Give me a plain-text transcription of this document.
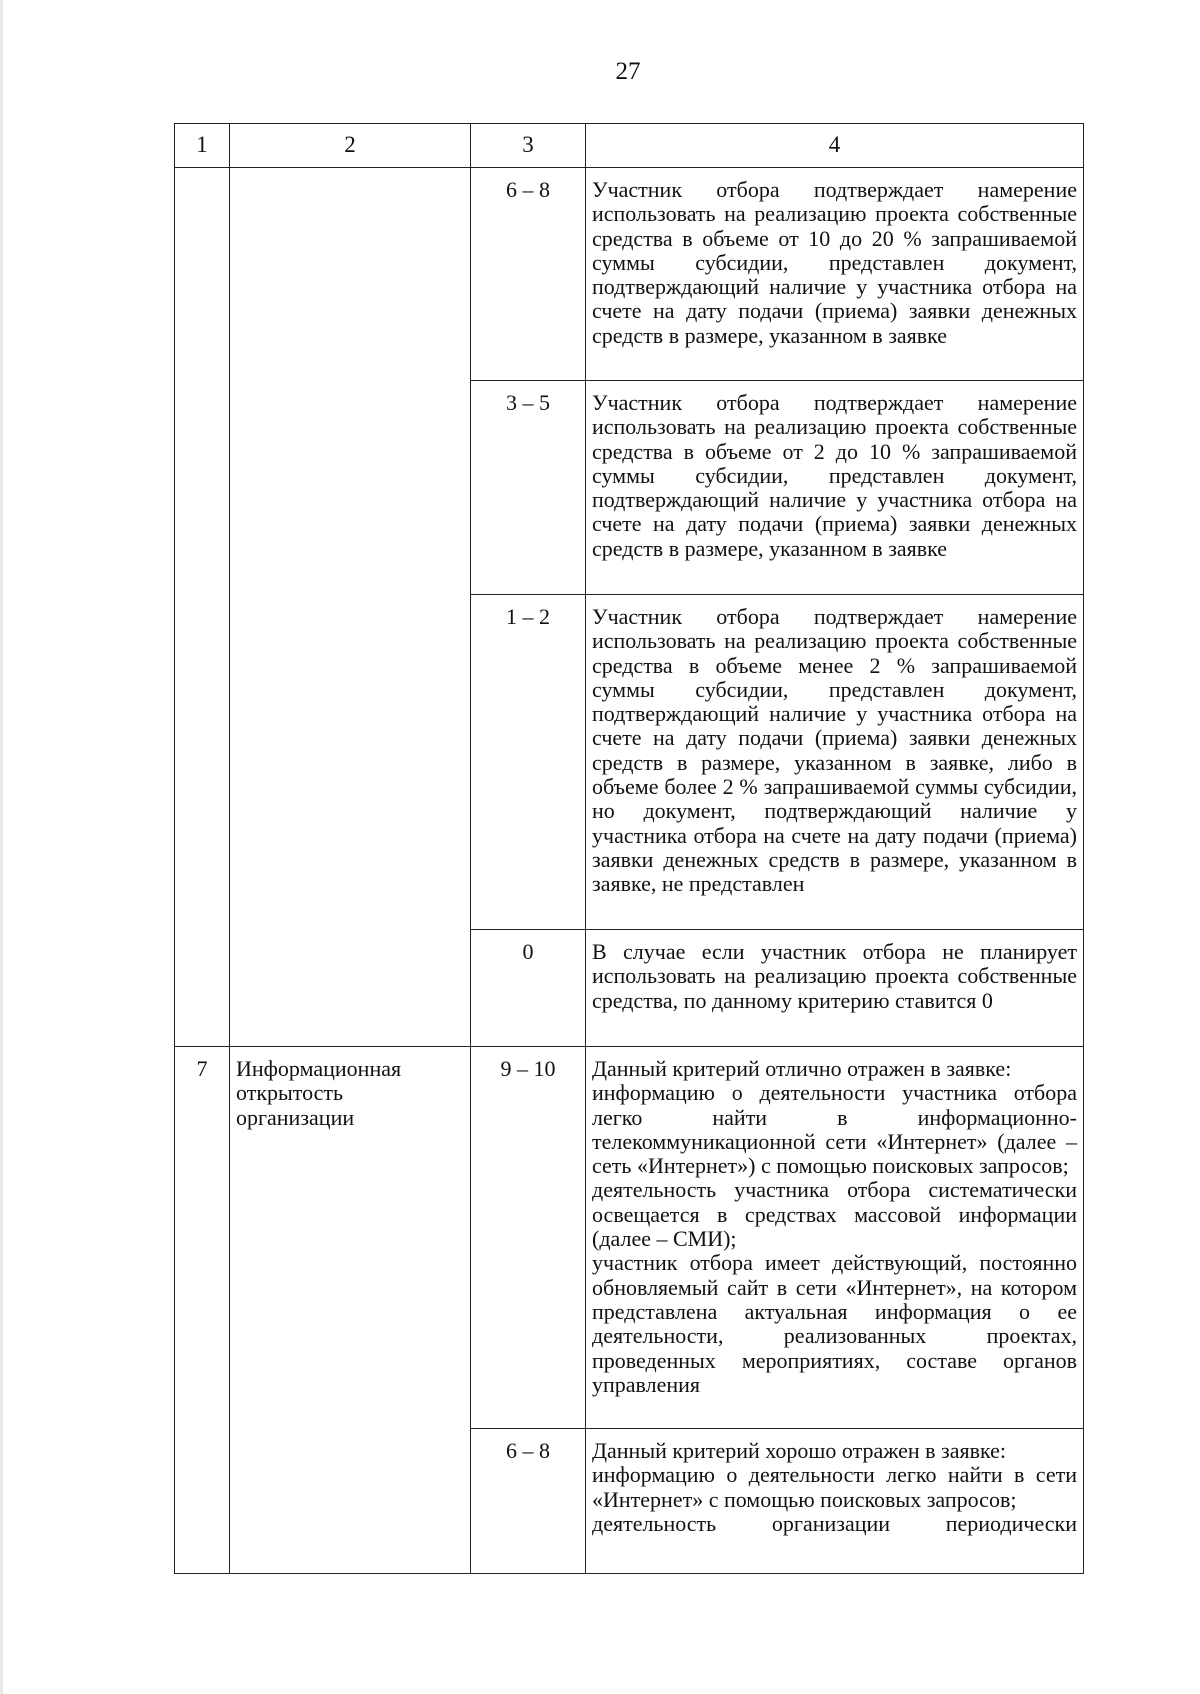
27
1	2	3	4
		6 – 8	Участник отбора подтверждает намерение использовать на реализацию проекта собственные средства в объеме от 10 до 20 % запрашиваемой суммы субсидии, представлен документ, подтверждающий наличие у участника отбора на счете на дату подачи (приема) заявки денежных средств в размере, указанном в заявке

		3 – 5	Участник отбора подтверждает намерение использовать на реализацию проекта собственные средства в объеме от 2 до 10 % запрашиваемой суммы субсидии, представлен документ, подтверждающий наличие у участника отбора на счете на дату подачи (приема) заявки денежных средств в размере, указанном в заявке

		1 – 2	Участник отбора подтверждает намерение использовать на реализацию проекта собственные средства в объеме менее 2 % запрашиваемой суммы субсидии, представлен документ, подтверждающий наличие у участника отбора на счете на дату подачи (приема) заявки денежных средств в размере, указанном в заявке, либо в объеме более 2 % запрашиваемой суммы субсидии, но документ, подтверждающий наличие у участника отбора на счете на дату подачи (приема) заявки денежных средств в размере, указанном в заявке, не представлен

		0	В случае если участник отбора не планирует использовать на реализацию проекта собственные средства, по данному критерию ставится 0

7	Информационная открытость организации	9 – 10	Данный критерий отлично отражен в заявке:

информацию о деятельности участника отбора легко найти в информационно-телекоммуникационной сети «Интернет» (далее – сеть «Интернет») с помощью поисковых запросов;

деятельность участника отбора систематически освещается в средствах массовой информации (далее – СМИ);

участник отбора имеет действующий, постоянно обновляемый сайт в сети «Интернет», на котором представлена актуальная информация о ее деятельности, реализованных проектах, проведенных мероприятиях, составе органов управления

		6 – 8	Данный критерий хорошо отражен в заявке:

информацию о деятельности легко найти в сети «Интернет» с помощью поисковых запросов;

деятельность организации периодически
